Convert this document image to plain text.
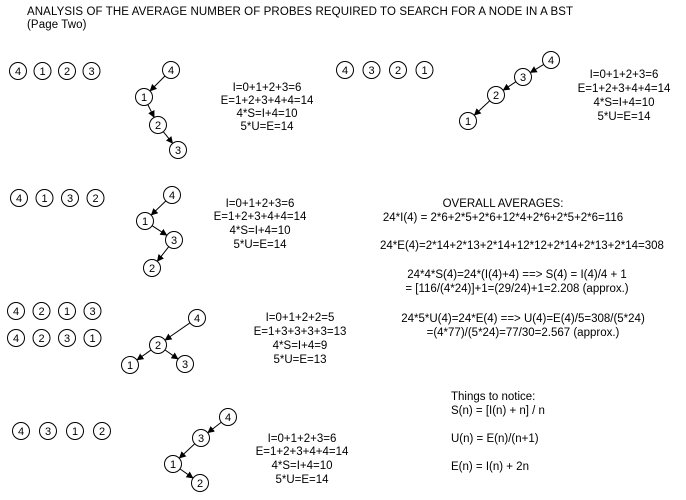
4 1 2 3	4 3 2 1
4 1 3 2
4 2 1 3
4 2 3 1
4 3 1 2
4
1
2
3
4
3
2
1
4
1
3
2
4
2
1	3
4
3
1
2
ANALYSIS OF THE AVERAGE NUMBER OF PROBES REQUIRED TO SEARCH FOR A NODE IN A BST
(Page Two)
I=0+1+2+3=6
E=1+2+3+4+4=14
4*S=I+4=10
5*U=E=14
I=0+1+2+3=6
E=1+2+3+4+4=14
4*S=I+4=10
5*U=E=14
I=0+1+2+3=6
E=1+2+3+4+4=14
4*S=I+4=10
5*U=E=14
I=0+1+2+2=5
E=1+3+3+3+3=13
4*S=I+4=9
5*U=E=13
I=0+1+2+3=6
E=1+2+3+4+4=14
4*S=I+4=10
5*U=E=14
OVERALL AVERAGES:
24*I(4) = 2*6+2*5+2*6+12*4+2*6+2*5+2*6=116
24*E(4)=2*14+2*13+2*14+12*12+2*14+2*13+2*14=308
24*4*S(4)=24*(I(4)+4) ==> S(4) = I(4)/4 + 1
= [116/(4*24)]+1=(29/24)+1=2.208 (approx.)
24*5*U(4)=24*E(4) ==> U(4)=E(4)/5=308/(5*24)
=(4*77)/(5*24)=77/30=2.567 (approx.)
Things to notice:
S(n) = [I(n) + n] / n
U(n) = E(n)/(n+1)
E(n) = I(n) + 2n
